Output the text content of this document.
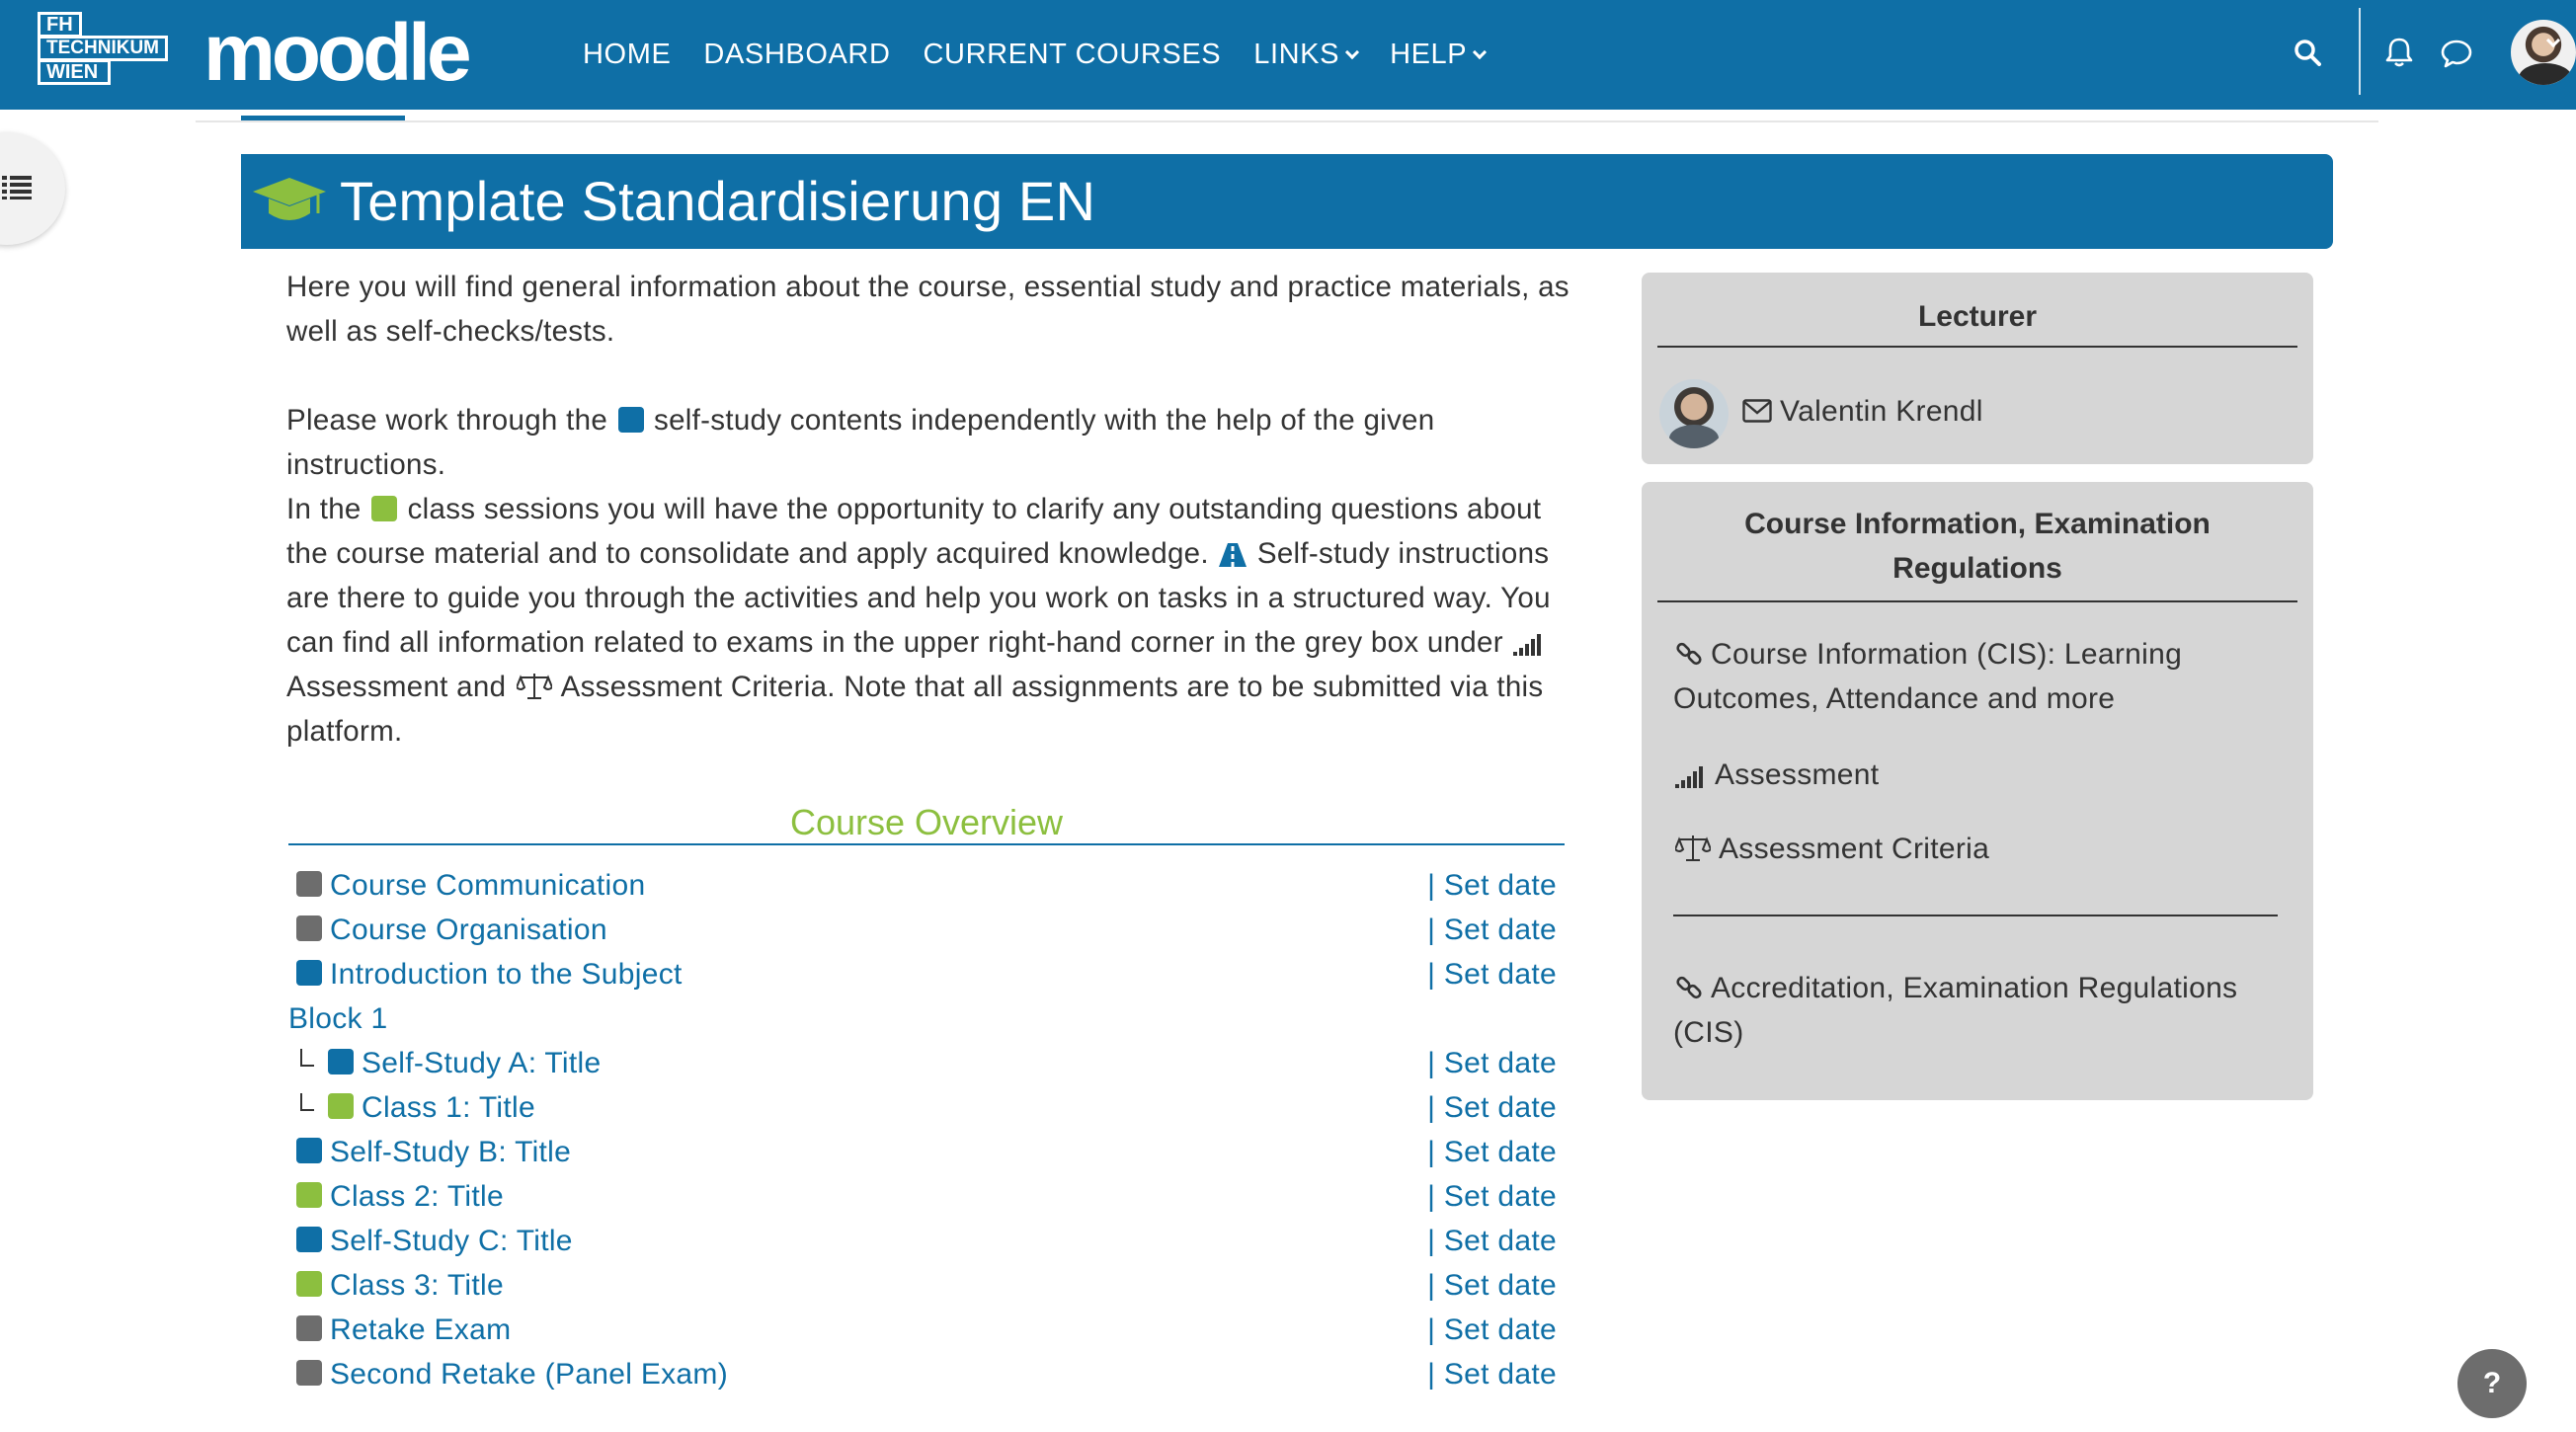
FH
TECHNIKUM
WIEN moodle	HOME DASHBOARD CURRENT COURSES LINKS HELP
Template Standardisierung EN

Here you will find general information about the course, essential study and practice materials, as well as self-checks/tests.

Please work through the self-study contents independently with the help of the given instructions.

In the class sessions you will have the opportunity to clarify any outstanding questions about the course material and to consolidate and apply acquired knowledge. Self-study instructions are there to guide you through the activities and help you work on tasks in a structured way. You can find all information related to exams in the upper right-hand corner in the grey box under  Assessment and Assessment Criteria. Note that all assignments are to be submitted via this platform.

Course Overview
Course Communication	| Set date
Course Organisation	| Set date
Introduction to the Subject	| Set date
Block 1
Self-Study A: Title	| Set date
Class 1: Title	| Set date
Self-Study B: Title	| Set date
Class 2: Title	| Set date
Self-Study C: Title	| Set date
Class 3: Title	| Set date
Retake Exam	| Set date
Second Retake (Panel Exam)	| Set date
Lecturer
Valentin Krendl
Course Information, Examination Regulations
Course Information (CIS): Learning Outcomes, Attendance and more
Assessment
Assessment Criteria
Accreditation, Examination Regulations (CIS)
?
